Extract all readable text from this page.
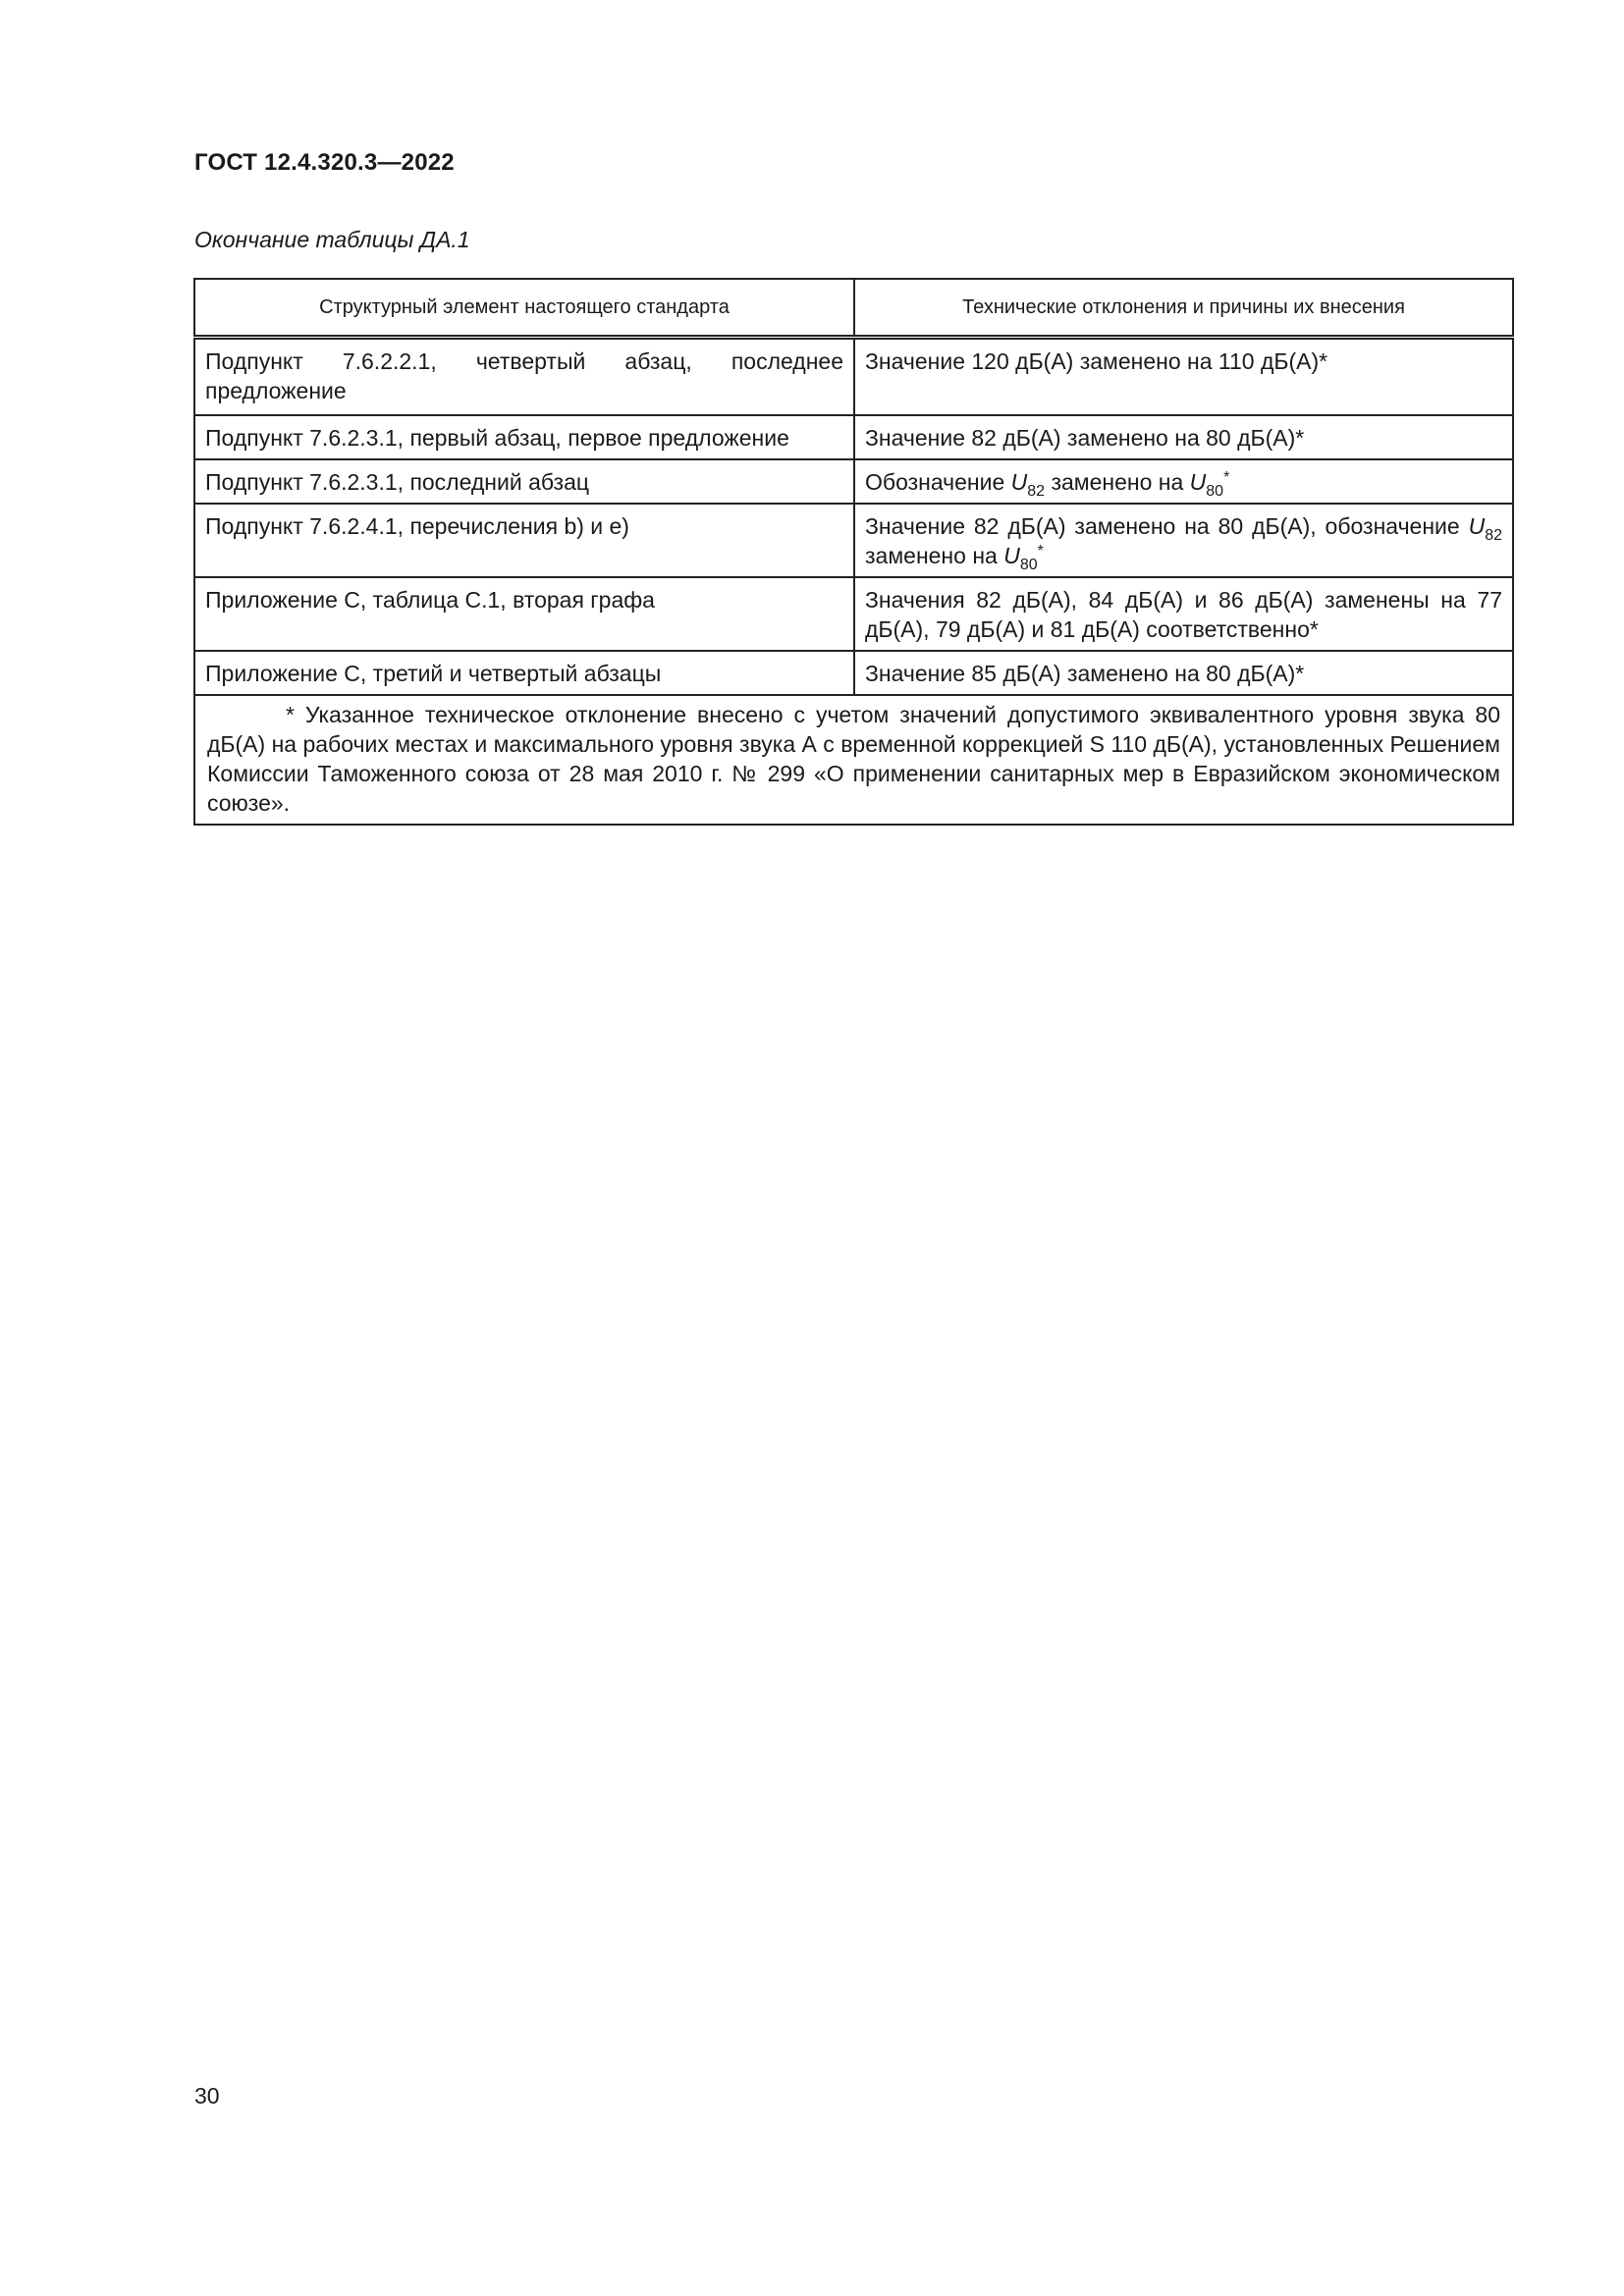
ГОСТ 12.4.320.3—2022
Окончание таблицы ДА.1
Структурный элемент настоящего стандарта	Технические отклонения и причины их внесения
Подпункт 7.6.2.2.1, четвертый абзац, последнее предложение	Значение 120 дБ(А) заменено на 110 дБ(А)*
Подпункт 7.6.2.3.1, первый абзац, первое предложение	Значение 82 дБ(А) заменено на 80 дБ(А)*
Подпункт 7.6.2.3.1, последний абзац	Обозначение $U_{82}$ заменено на $U_{80}^*$
Подпункт 7.6.2.4.1, перечисления b) и e)	Значение 82 дБ(А) заменено на 80 дБ(А), обозначение $U_{82}$ заменено на $U_{80}^*$
Приложение С, таблица С.1, вторая графа	Значения 82 дБ(А), 84 дБ(А) и 86 дБ(А) заменены на 77 дБ(А), 79 дБ(А) и 81 дБ(А) соответственно*
Приложение С, третий и четвертый абзацы	Значение 85 дБ(А) заменено на 80 дБ(А)*
* Указанное техническое отклонение внесено с учетом значений допустимого эквивалентного уровня звука 80 дБ(А) на рабочих местах и максимального уровня звука А с временной коррекцией S 110 дБ(А), установленных Решением Комиссии Таможенного союза от 28 мая 2010 г. № 299 «О применении санитарных мер в Евразийском экономическом союзе».	
30
